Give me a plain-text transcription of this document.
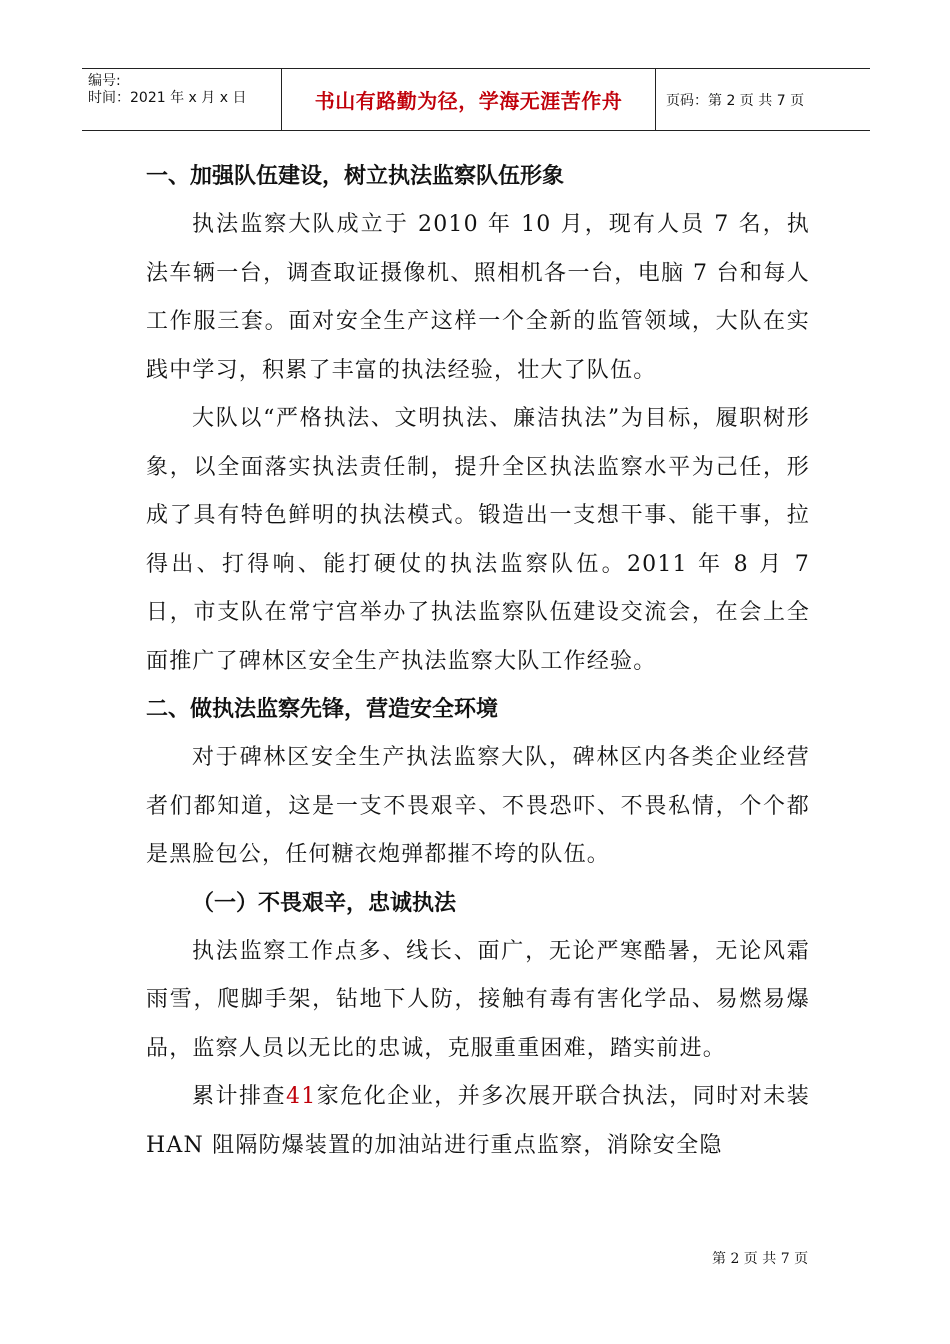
编号:
时间：2021 年 x 月 x 日	书山有路勤为径，学海无涯苦作舟	页码：第 2 页 共 7 页
一、加强队伍建设，树立执法监察队伍形象

执法监察大队成立于 2010 年 10 月，现有人员 7 名，执法车辆一台，调查取证摄像机、照相机各一台，电脑 7 台和每人工作服三套。面对安全生产这样一个全新的监管领域，大队在实践中学习，积累了丰富的执法经验，壮大了队伍。

大队以“严格执法、文明执法、廉洁执法”为目标，履职树形象，以全面落实执法责任制，提升全区执法监察水平为己任，形成了具有特色鲜明的执法模式。锻造出一支想干事、能干事，拉得出、打得响、能打硬仗的执法监察队伍。2011 年 8 月 7 日，市支队在常宁宫举办了执法监察队伍建设交流会，在会上全面推广了碑林区安全生产执法监察大队工作经验。

二、做执法监察先锋，营造安全环境

对于碑林区安全生产执法监察大队，碑林区内各类企业经营者们都知道，这是一支不畏艰辛、不畏恐吓、不畏私情，个个都是黑脸包公，任何糖衣炮弹都摧不垮的队伍。

（一）不畏艰辛，忠诚执法

执法监察工作点多、线长、面广，无论严寒酷暑，无论风霜雨雪，爬脚手架，钻地下人防，接触有毒有害化学品、易燃易爆品，监察人员以无比的忠诚，克服重重困难，踏实前进。

累计排查41家危化企业，并多次展开联合执法，同时对未装 HAN 阻隔防爆装置的加油站进行重点监察，消除安全隐

第 2 页 共 7 页
